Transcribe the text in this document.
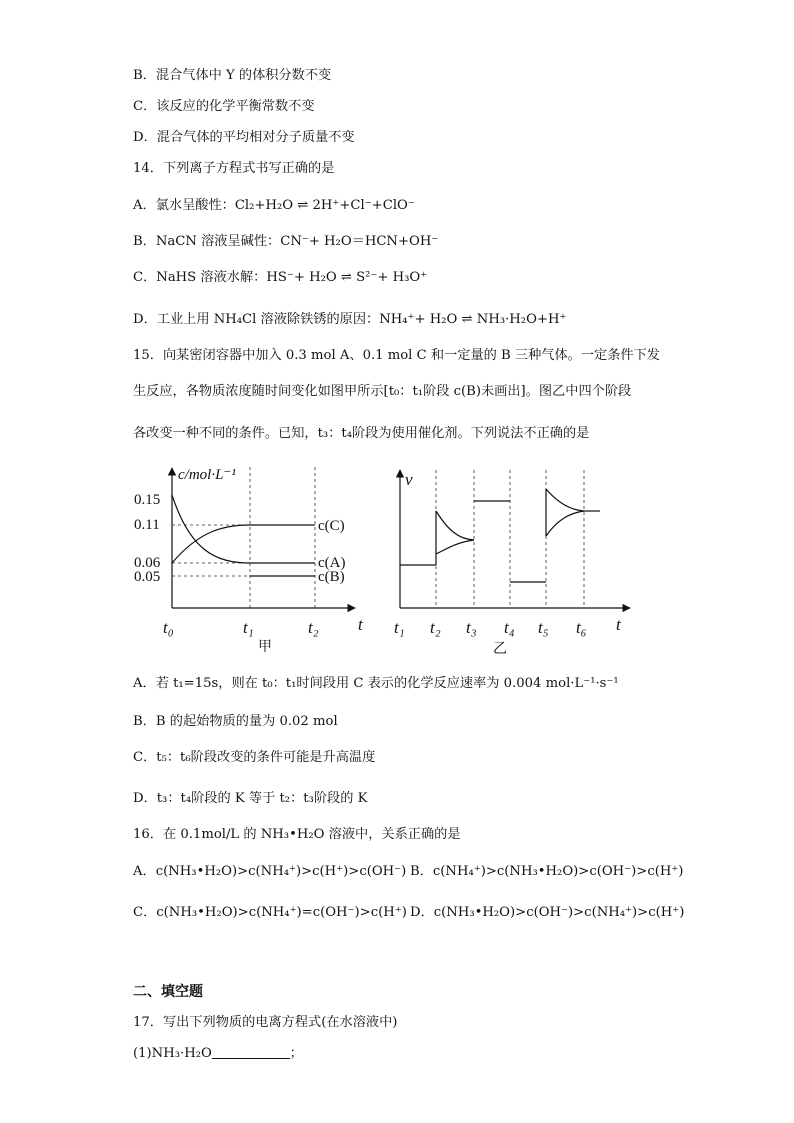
B．混合气体中 Y 的体积分数不变
C．该反应的化学平衡常数不变
D．混合气体的平均相对分子质量不变
14．下列离子方程式书写正确的是
A．氯水呈酸性：Cl₂+H₂O ⇌ 2H⁺+Cl⁻+ClO⁻
B．NaCN 溶液呈碱性：CN⁻+ H₂O＝HCN+OH⁻
C．NaHS 溶液水解：HS⁻+ H₂O ⇌ S²⁻+ H₃O⁺
D．工业上用 NH₄Cl 溶液除铁锈的原因：NH₄⁺+ H₂O ⇌ NH₃·H₂O+H⁺
15．向某密闭容器中加入 0.3 mol A、0.1 mol C 和一定量的 B 三种气体。一定条件下发
生反应，各物质浓度随时间变化如图甲所示[t₀：t₁阶段 c(B)未画出]。图乙中四个阶段
各改变一种不同的条件。已知，t₃：t₄阶段为使用催化剂。下列说法不正确的是
c/mol·L⁻¹
0.15
0.11
0.06
0.05
c(C)
c(A)
c(B)
t₀	t₁	t₂ t
甲
v
t₁ t₂ t₃ t₄ t₅ t₆ t
乙
A．若 t₁=15s，则在 t₀：t₁时间段用 C 表示的化学反应速率为 0.004 mol·L⁻¹·s⁻¹
B．B 的起始物质的量为 0.02 mol
C．t₅：t₆阶段改变的条件可能是升高温度
D．t₃：t₄阶段的 K 等于 t₂：t₃阶段的 K
16．在 0.1mol/L 的 NH₃•H₂O 溶液中，关系正确的是
A．c(NH₃•H₂O)>c(NH₄⁺)>c(H⁺)>c(OH⁻) B．c(NH₄⁺)>c(NH₃•H₂O)>c(OH⁻)>c(H⁺)
C．c(NH₃•H₂O)>c(NH₄⁺)=c(OH⁻)>c(H⁺) D．c(NH₃•H₂O)>c(OH⁻)>c(NH₄⁺)>c(H⁺)
二、填空题
17．写出下列物质的电离方程式(在水溶液中)
(1)NH₃·H₂O	；
